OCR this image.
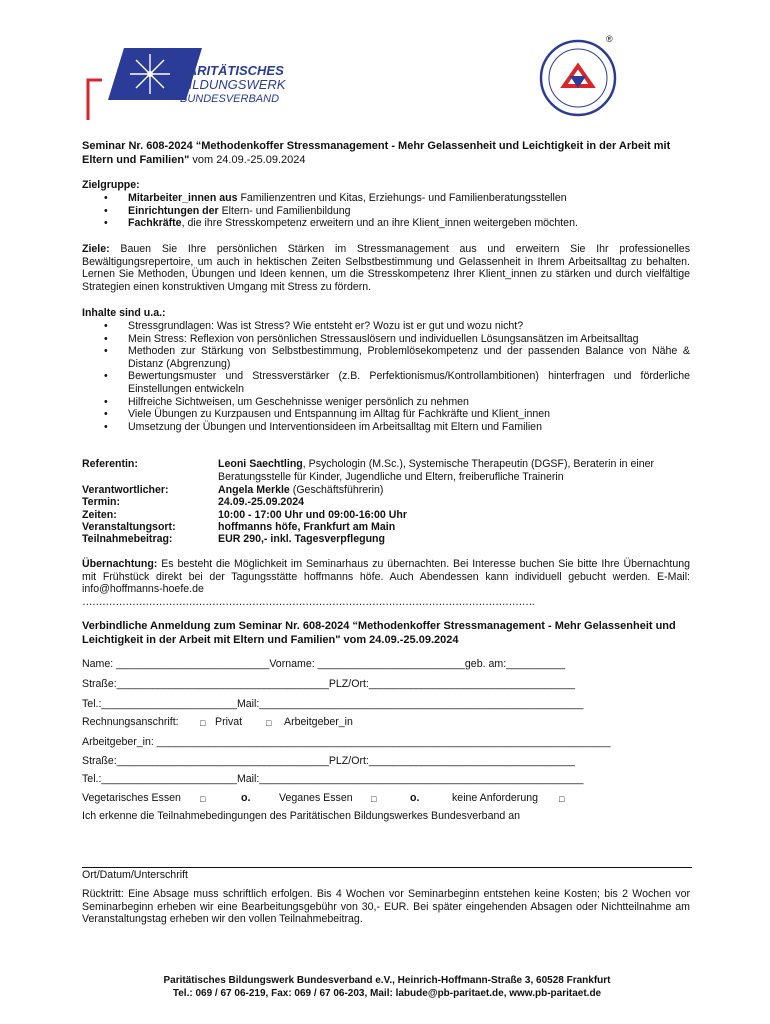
PARITÄTISCHES
BILDUNGSWERK
BUNDESVERBAND
®
Seminar Nr. 608-2024 “Methodenkoffer Stressmanagement - Mehr Gelassenheit und Leichtigkeit in der Arbeit mit Eltern und Familien" vom 24.09.-25.09.2024
Zielgruppe:
• Mitarbeiter_innen aus Familienzentren und Kitas, Erziehungs- und Familienberatungsstellen
• Einrichtungen der Eltern- und Familienbildung
• Fachkräfte, die ihre Stresskompetenz erweitern und an ihre Klient_innen weitergeben möchten.
Ziele: Bauen Sie Ihre persönlichen Stärken im Stressmanagement aus und erweitern Sie Ihr professionelles Bewältigungsrepertoire, um auch in hektischen Zeiten Selbstbestimmung und Gelassenheit in Ihrem Arbeitsalltag zu behalten. Lernen Sie Methoden, Übungen und Ideen kennen, um die Stresskompetenz Ihrer Klient_innen zu stärken und durch vielfältige Strategien einen konstruktiven Umgang mit Stress zu fördern.
Inhalte sind u.a.:
• Stressgrundlagen: Was ist Stress? Wie entsteht er? Wozu ist er gut und wozu nicht?
• Mein Stress: Reflexion von persönlichen Stressauslösern und individuellen Lösungsansätzen im Arbeitsalltag
• Methoden zur Stärkung von Selbstbestimmung, Problemlösekompetenz und der passenden Balance von Nähe & Distanz (Abgrenzung)
• Bewertungsmuster und Stressverstärker (z.B. Perfektionismus/Kontrollambitionen) hinterfragen und förderliche Einstellungen entwickeln
• Hilfreiche Sichtweisen, um Geschehnisse weniger persönlich zu nehmen
• Viele Übungen zu Kurzpausen und Entspannung im Alltag für Fachkräfte und Klient_innen
• Umsetzung der Übungen und Interventionsideen im Arbeitsalltag mit Eltern und Familien
Referentin:	Leoni Saechtling, Psychologin (M.Sc.), Systemische Therapeutin (DGSF), Beraterin in einer Beratungsstelle für Kinder, Jugendliche und Eltern, freiberufliche Trainerin
Verantwortlicher:	Angela Merkle (Geschäftsführerin)
Termin:	24.09.-25.09.2024
Zeiten:	10:00 - 17:00 Uhr und 09:00-16:00 Uhr
Veranstaltungsort:	hoffmanns höfe, Frankfurt am Main
Teilnahmebeitrag:	EUR 290,- inkl. Tagesverpflegung
Übernachtung: Es besteht die Möglichkeit im Seminarhaus zu übernachten. Bei Interesse buchen Sie bitte Ihre Übernachtung mit Frühstück direkt bei der Tagungsstätte hoffmanns höfe. Auch Abendessen kann individuell gebucht werden. E-Mail: info@hoffmanns-hoefe.de
……………………………………………………………………………………………………………………….
Verbindliche Anmeldung zum Seminar Nr. 608-2024 “Methodenkoffer Stressmanagement - Mehr Gelassenheit und Leichtigkeit in der Arbeit mit Eltern und Familien" vom 24.09.-25.09.2024
Name: __________________________Vorname: _________________________geb. am:__________
Straße:____________________________________PLZ/Ort:___________________________________
Tel.:_______________________Mail:_______________________________________________________
Rechnungsanschrift: □ Privat	□ Arbeitgeber_in
Arbeitgeber_in: _____________________________________________________________________________
Straße:____________________________________PLZ/Ort:___________________________________
Tel.:_______________________Mail:_______________________________________________________
Vegetarisches Essen □	o.	Veganes Essen □	o.	keine Anforderung □
Ich erkenne die Teilnahmebedingungen des Paritätischen Bildungswerkes Bundesverband an
Ort/Datum/Unterschrift
Rücktritt: Eine Absage muss schriftlich erfolgen. Bis 4 Wochen vor Seminarbeginn entstehen keine Kosten; bis 2 Wochen vor Seminarbeginn erheben wir eine Bearbeitungsgebühr von 30,- EUR. Bei später eingehenden Absagen oder Nichtteilnahme am Veranstaltungstag erheben wir den vollen Teilnahmebeitrag.
Paritätisches Bildungswerk Bundesverband e.V., Heinrich-Hoffmann-Straße 3, 60528 Frankfurt
Tel.: 069 / 67 06-219, Fax: 069 / 67 06-203, Mail: labude@pb-paritaet.de, www.pb-paritaet.de
